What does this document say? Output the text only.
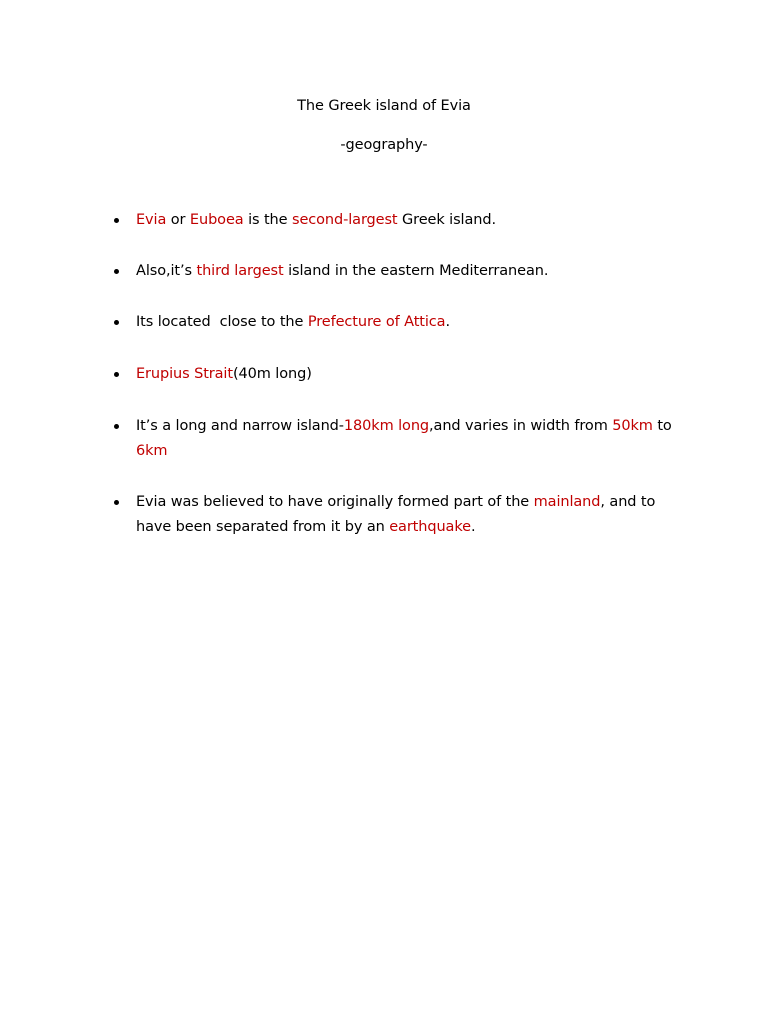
The Greek island of Evia
-geography-
Evia or Euboea is the second-largest Greek island.
Also,it’s third largest island in the eastern Mediterranean.
Its located  close to the Prefecture of Attica.
Erupius Strait(40m long)
It’s a long and narrow island-180km long,and varies in width from 50km to 6km
Evia was believed to have originally formed part of the mainland, and to have been separated from it by an earthquake.
